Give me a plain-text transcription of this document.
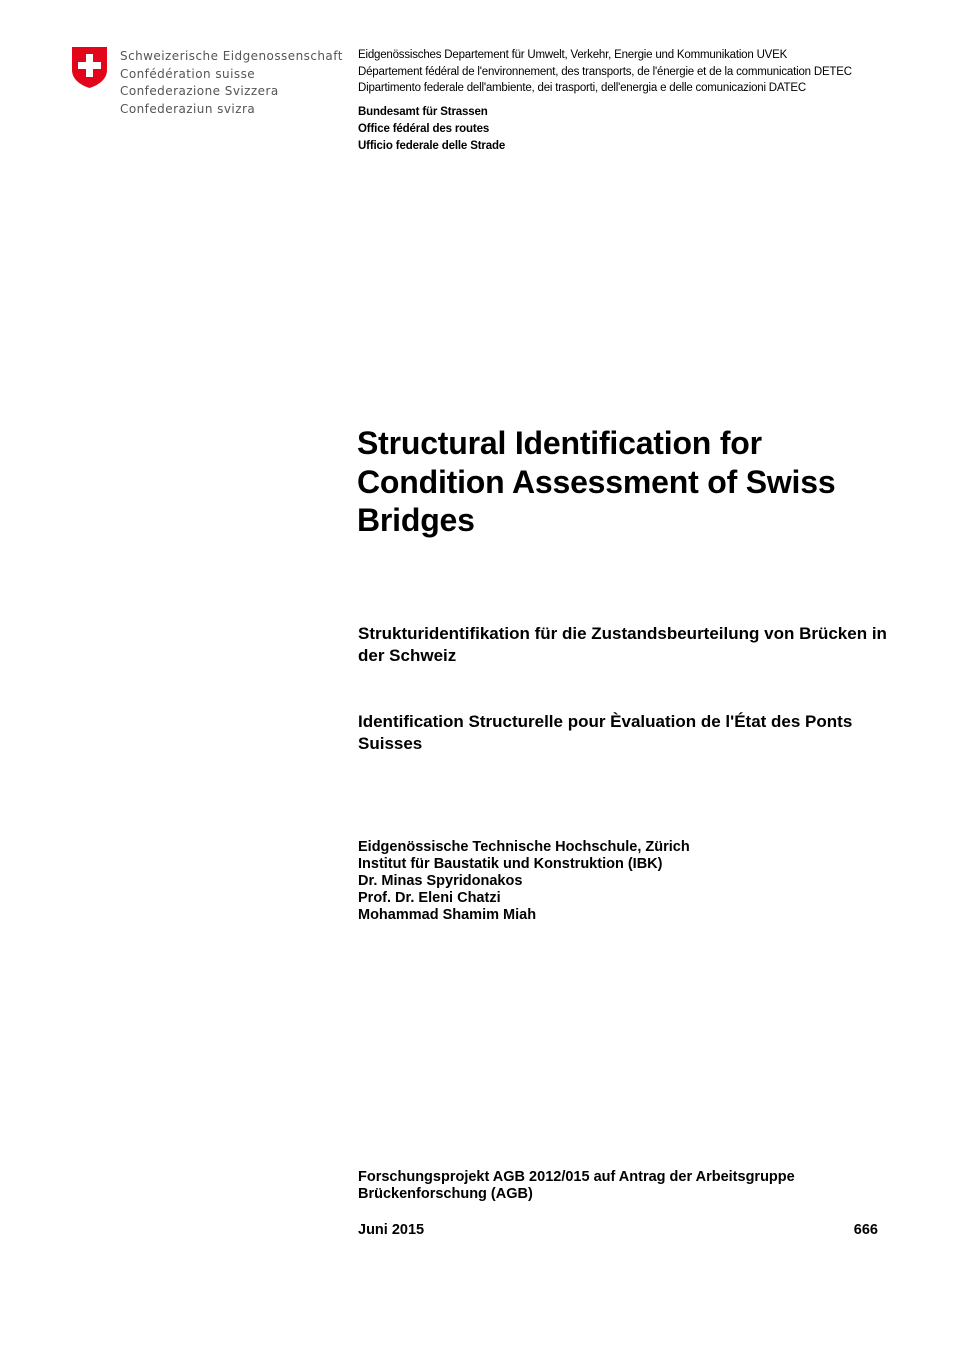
Schweizerische Eidgenossenschaft
Confédération suisse
Confederazione Svizzera
Confederaziun svizra
Eidgenössisches Departement für Umwelt, Verkehr, Energie und Kommunikation UVEK
Département fédéral de l'environnement, des transports, de l'énergie et de la communication DETEC
Dipartimento federale dell'ambiente, dei trasporti, dell'energia e delle comunicazioni DATEC
Bundesamt für Strassen
Office fédéral des routes
Ufficio federale delle Strade
Structural Identification for Condition Assessment of Swiss Bridges
Strukturidentifikation für die Zustandsbeurteilung von Brücken in der Schweiz
Identification Structurelle pour Èvaluation de l'État des Ponts Suisses
Eidgenössische Technische Hochschule, Zürich
Institut für Baustatik und Konstruktion (IBK)
Dr. Minas Spyridonakos
Prof. Dr. Eleni Chatzi
Mohammad Shamim Miah
Forschungsprojekt AGB 2012/015 auf Antrag der Arbeitsgruppe Brückenforschung (AGB)
Juni 2015	666
